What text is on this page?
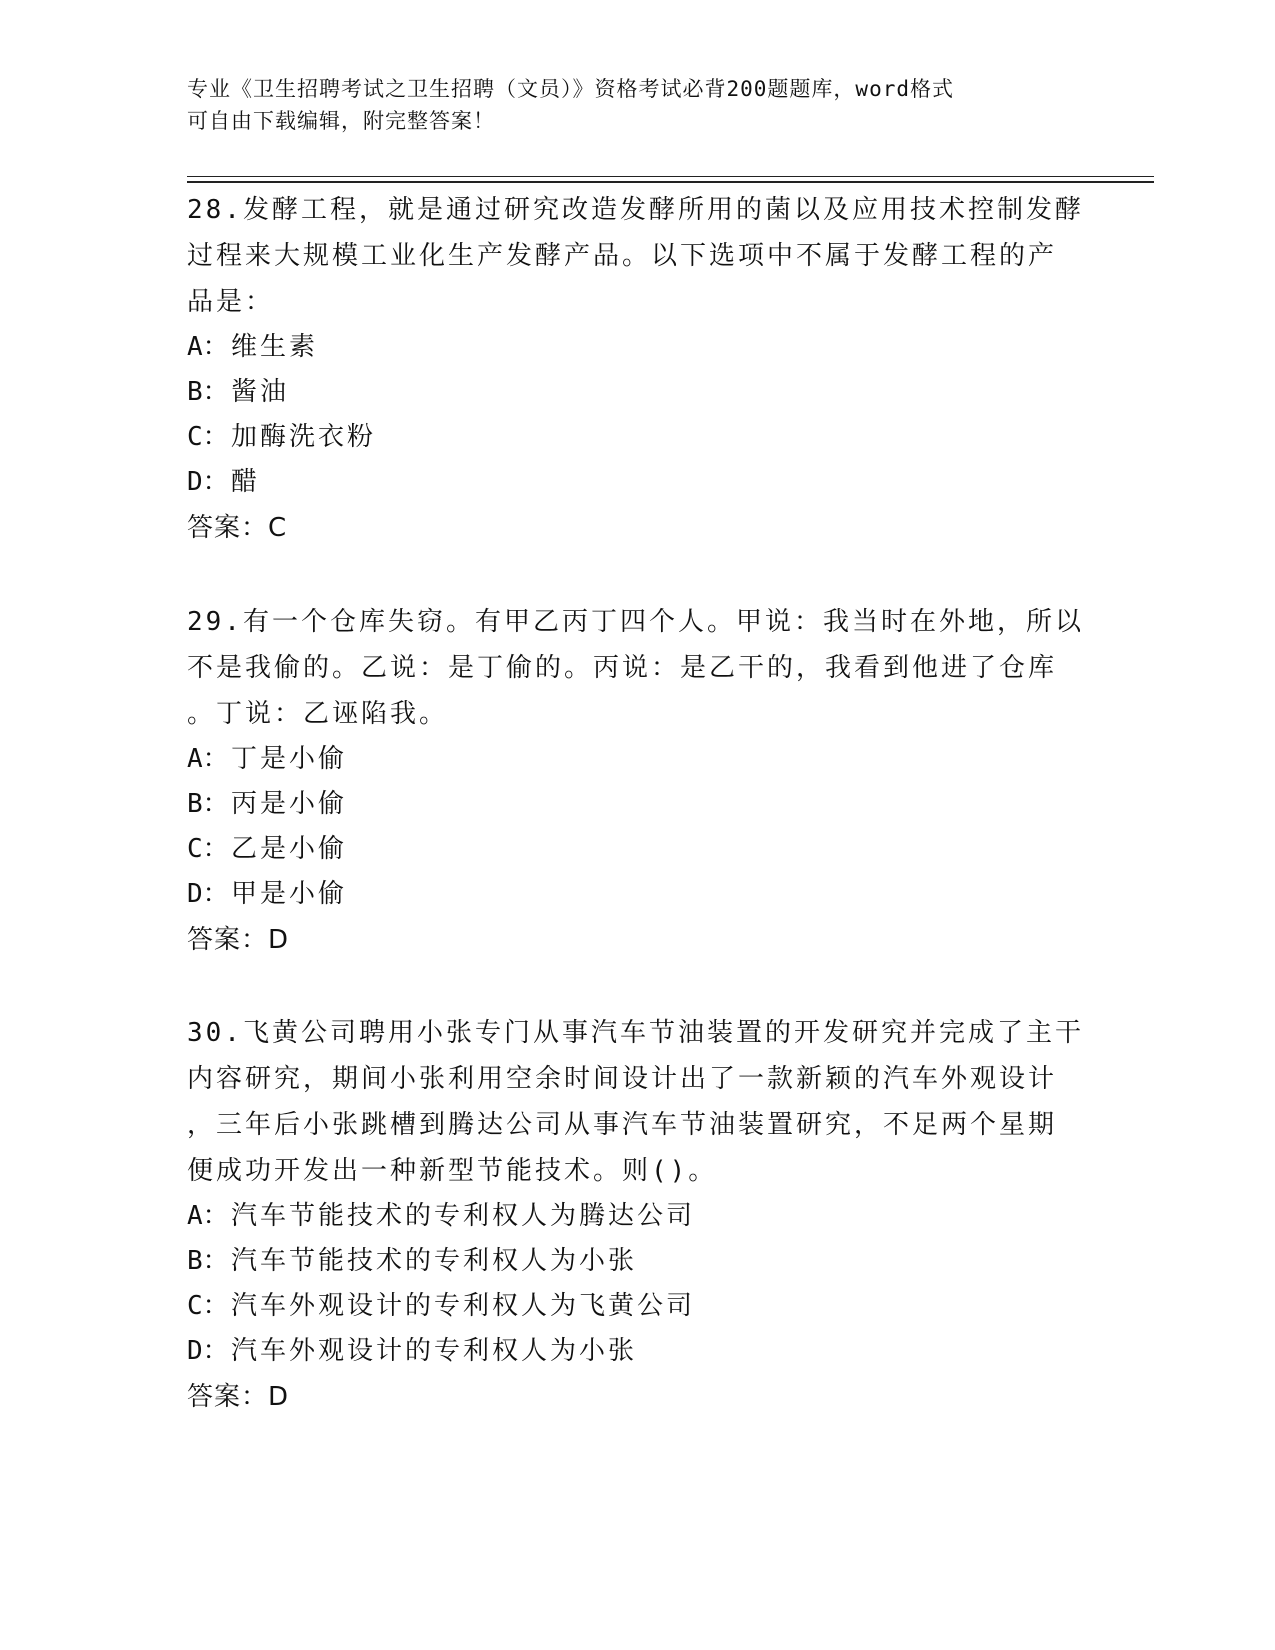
专业《卫生招聘考试之卫生招聘（文员）》资格考试必背200题题库，word格式
可自由下载编辑，附完整答案！
28.发酵工程，就是通过研究改造发酵所用的菌以及应用技术控制发酵
过程来大规模工业化生产发酵产品。以下选项中不属于发酵工程的产
品是：
A：维生素
B：酱油
C：加酶洗衣粉
D：醋
答案：C
29.有一个仓库失窃。有甲乙丙丁四个人。甲说：我当时在外地，所以
不是我偷的。乙说：是丁偷的。丙说：是乙干的，我看到他进了仓库
。丁说：乙诬陷我。
A：丁是小偷
B：丙是小偷
C：乙是小偷
D：甲是小偷
答案：D
30.飞黄公司聘用小张专门从事汽车节油装置的开发研究并完成了主干
内容研究，期间小张利用空余时间设计出了一款新颖的汽车外观设计
，三年后小张跳槽到腾达公司从事汽车节油装置研究，不足两个星期
便成功开发出一种新型节能技术。则()。
A：汽车节能技术的专利权人为腾达公司
B：汽车节能技术的专利权人为小张
C：汽车外观设计的专利权人为飞黄公司
D：汽车外观设计的专利权人为小张
答案：D
